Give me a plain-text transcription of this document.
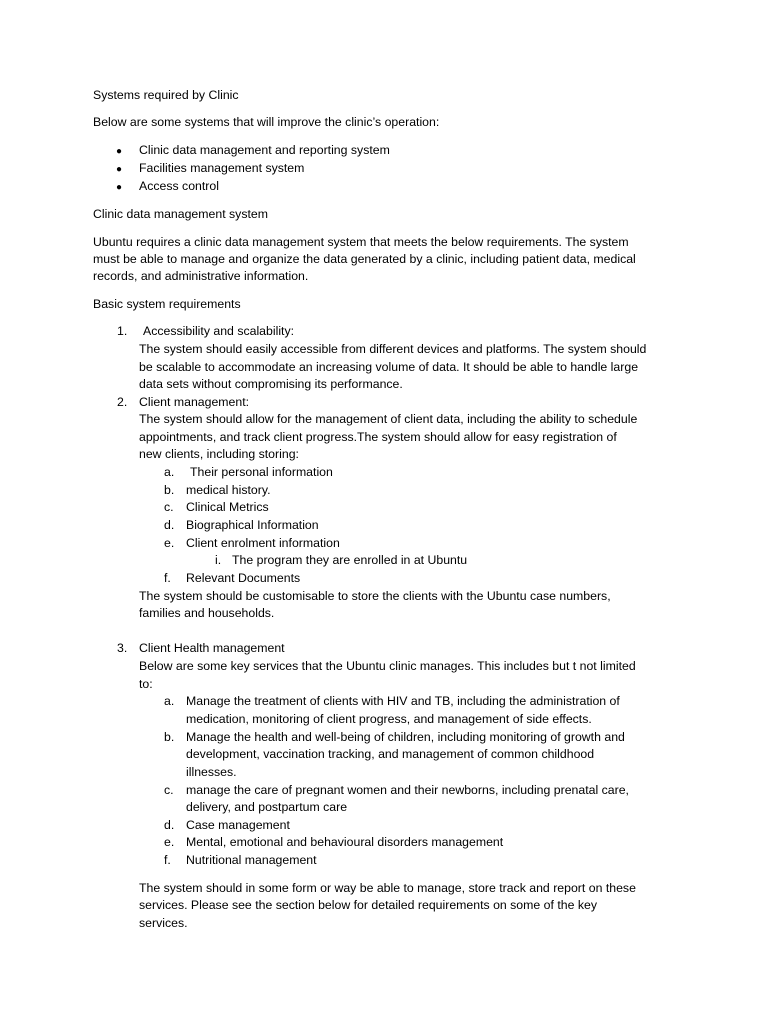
Systems required by Clinic
Below are some systems that will improve the clinic’s operation:
● Clinic data management and reporting system
● Facilities management system
● Access control
Clinic data management system
Ubuntu requires a clinic data management system that meets the below requirements. The system
must be able to manage and organize the data generated by a clinic, including patient data, medical
records, and administrative information.
Basic system requirements
1. Accessibility and scalability:
The system should easily accessible from different devices and platforms. The system should
be scalable to accommodate an increasing volume of data. It should be able to handle large
data sets without compromising its performance.
2. Client management:
The system should allow for the management of client data, including the ability to schedule
appointments, and track client progress.The system should allow for easy registration of
new clients, including storing:
a. Their personal information
b. medical history.
c. Clinical Metrics
d. Biographical Information
e. Client enrolment information
i. The program they are enrolled in at Ubuntu
f. Relevant Documents
The system should be customisable to store the clients with the Ubuntu case numbers,
families and households.
3. Client Health management
Below are some key services that the Ubuntu clinic manages. This includes but t not limited
to:
a. Manage the treatment of clients with HIV and TB, including the administration of
medication, monitoring of client progress, and management of side effects.
b. Manage the health and well-being of children, including monitoring of growth and
development, vaccination tracking, and management of common childhood
illnesses.
c. manage the care of pregnant women and their newborns, including prenatal care,
delivery, and postpartum care
d. Case management
e. Mental, emotional and behavioural disorders management
f. Nutritional management
The system should in some form or way be able to manage, store track and report on these
services. Please see the section below for detailed requirements on some of the key
services.
